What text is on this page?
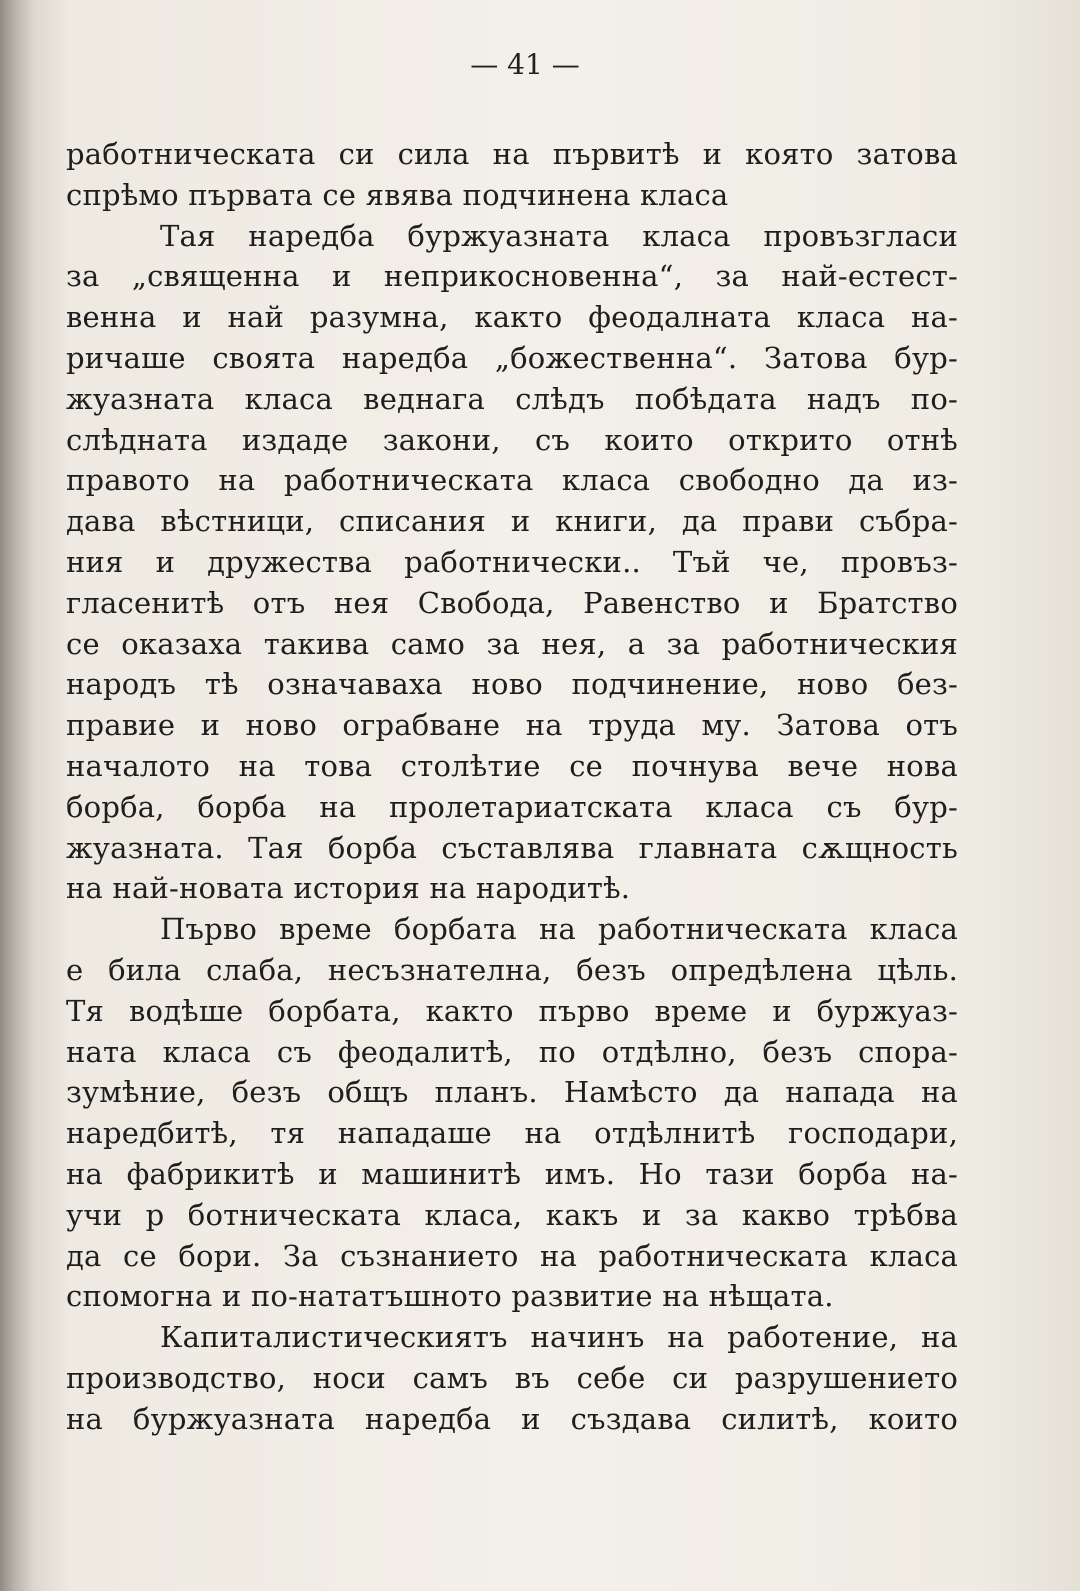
— 41 —
работническата си сила на първитѣ и която затова
спрѣмо първата се явява подчинена класа
Тая наредба буржуазната класа провъзгласи
за „священна и неприкосновенна“, за най-естест-
венна и най разумна, както феодалната класа на-
ричаше своята наредба „божественна“. Затова бур-
жуазната класа веднага слѣдъ побѣдата надъ по-
слѣдната издаде закони, съ които открито отнѣ
правото на работническата класа свободно да из-
дава вѣстници, списания и книги, да прави събра-
ния и дружества работнически.. Тъй че, провъз-
гласенитѣ отъ нея Свобода, Равенство и Братство
се оказаха такива само за нея, а за работническия
народъ тѣ означаваха ново подчинение, ново без-
правие и ново ограбване на труда му. Затова отъ
началото на това столѣтие се почнува вече нова
борба, борба на пролетариатската класа съ бур-
жуазната. Тая борба съставлява главната сѫщность
на най-новата история на народитѣ.
Първо време борбата на работническата класа
е била слаба, несъзнателна, безъ опредѣлена цѣль.
Тя водѣше борбата, както първо време и буржуаз-
ната класа съ феодалитѣ, по отдѣлно, безъ спора-
зумѣние, безъ общъ планъ. Намѣсто да напада на
наредбитѣ, тя нападаше на отдѣлнитѣ господари,
на фабрикитѣ и машинитѣ имъ. Но тази борба на-
учи р ботническата класа, какъ и за какво трѣбва
да се бори. За съзнанието на работническата класа
спомогна и по-нататъшното развитие на нѣщата.
Капиталистическиятъ начинъ на работение, на
производство, носи самъ въ себе си разрушението
на буржуазната наредба и създава силитѣ, които
